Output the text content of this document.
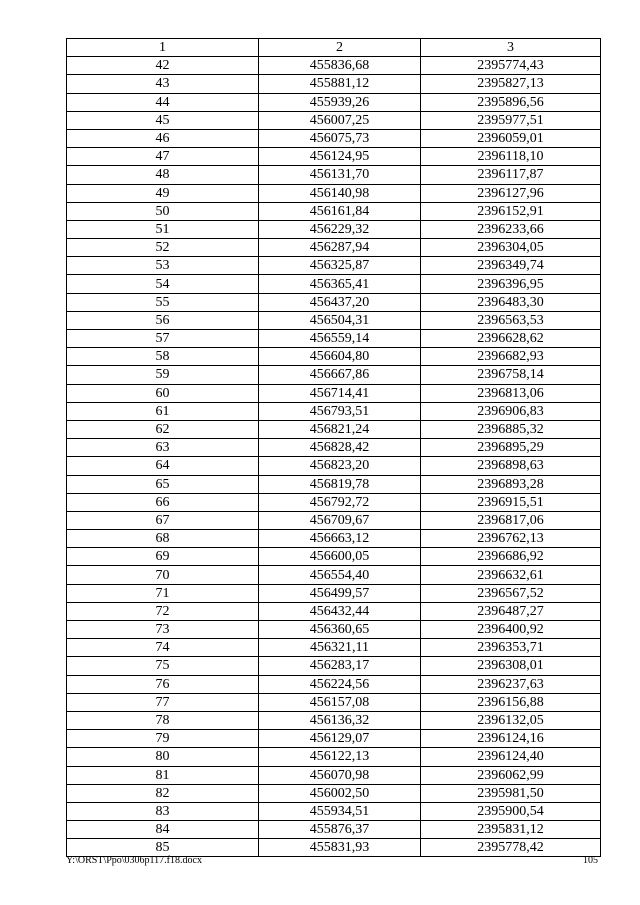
1	2	3
42	455836,68	2395774,43
43	455881,12	2395827,13
44	455939,26	2395896,56
45	456007,25	2395977,51
46	456075,73	2396059,01
47	456124,95	2396118,10
48	456131,70	2396117,87
49	456140,98	2396127,96
50	456161,84	2396152,91
51	456229,32	2396233,66
52	456287,94	2396304,05
53	456325,87	2396349,74
54	456365,41	2396396,95
55	456437,20	2396483,30
56	456504,31	2396563,53
57	456559,14	2396628,62
58	456604,80	2396682,93
59	456667,86	2396758,14
60	456714,41	2396813,06
61	456793,51	2396906,83
62	456821,24	2396885,32
63	456828,42	2396895,29
64	456823,20	2396898,63
65	456819,78	2396893,28
66	456792,72	2396915,51
67	456709,67	2396817,06
68	456663,12	2396762,13
69	456600,05	2396686,92
70	456554,40	2396632,61
71	456499,57	2396567,52
72	456432,44	2396487,27
73	456360,65	2396400,92
74	456321,11	2396353,71
75	456283,17	2396308,01
76	456224,56	2396237,63
77	456157,08	2396156,88
78	456136,32	2396132,05
79	456129,07	2396124,16
80	456122,13	2396124,40
81	456070,98	2396062,99
82	456002,50	2395981,50
83	455934,51	2395900,54
84	455876,37	2395831,12
85	455831,93	2395778,42
Y:\ORST\Ppo\0306p117.f18.docx	105
